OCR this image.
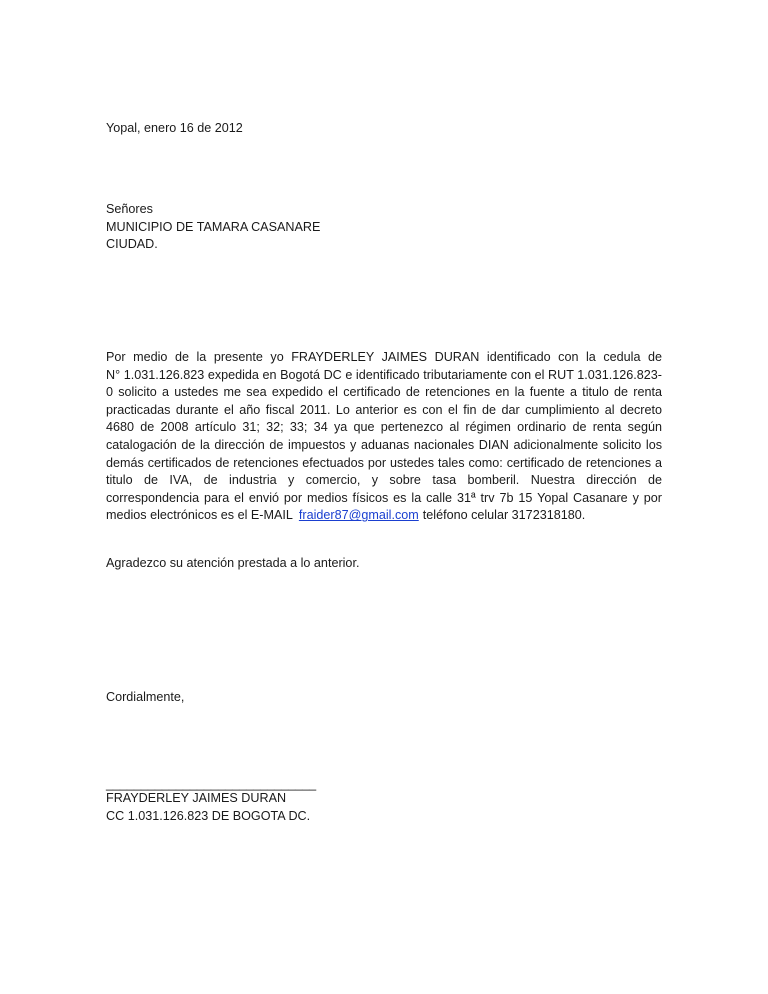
Yopal, enero 16 de 2012
Señores
MUNICIPIO DE TAMARA CASANARE
CIUDAD.
Por medio de la presente yo FRAYDERLEY JAIMES DURAN identificado con la cedula de
N° 1.031.126.823 expedida en Bogotá DC e identificado tributariamente con el RUT 1.031.126.823-
0 solicito a ustedes me sea expedido el certificado de retenciones en la fuente a titulo de renta
practicadas durante el año fiscal 2011. Lo anterior es con el fin de dar cumplimiento al decreto
4680 de 2008 artículo 31; 32; 33; 34 ya que pertenezco al régimen ordinario de renta según
catalogación de la dirección de impuestos y aduanas nacionales DIAN adicionalmente solicito los
demás certificados de retenciones efectuados por ustedes tales como: certificado de retenciones a
titulo de IVA, de industria y comercio, y sobre tasa bomberil. Nuestra dirección de
correspondencia para el envió por medios físicos es la calle 31ª trv 7b 15 Yopal Casanare y por
medios electrónicos es el E-MAIL fraider87@gmail.com teléfono celular 3172318180.
Agradezco su atención prestada a lo anterior.
Cordialmente,
______________________________
FRAYDERLEY JAIMES DURAN
CC 1.031.126.823 DE BOGOTA DC.
